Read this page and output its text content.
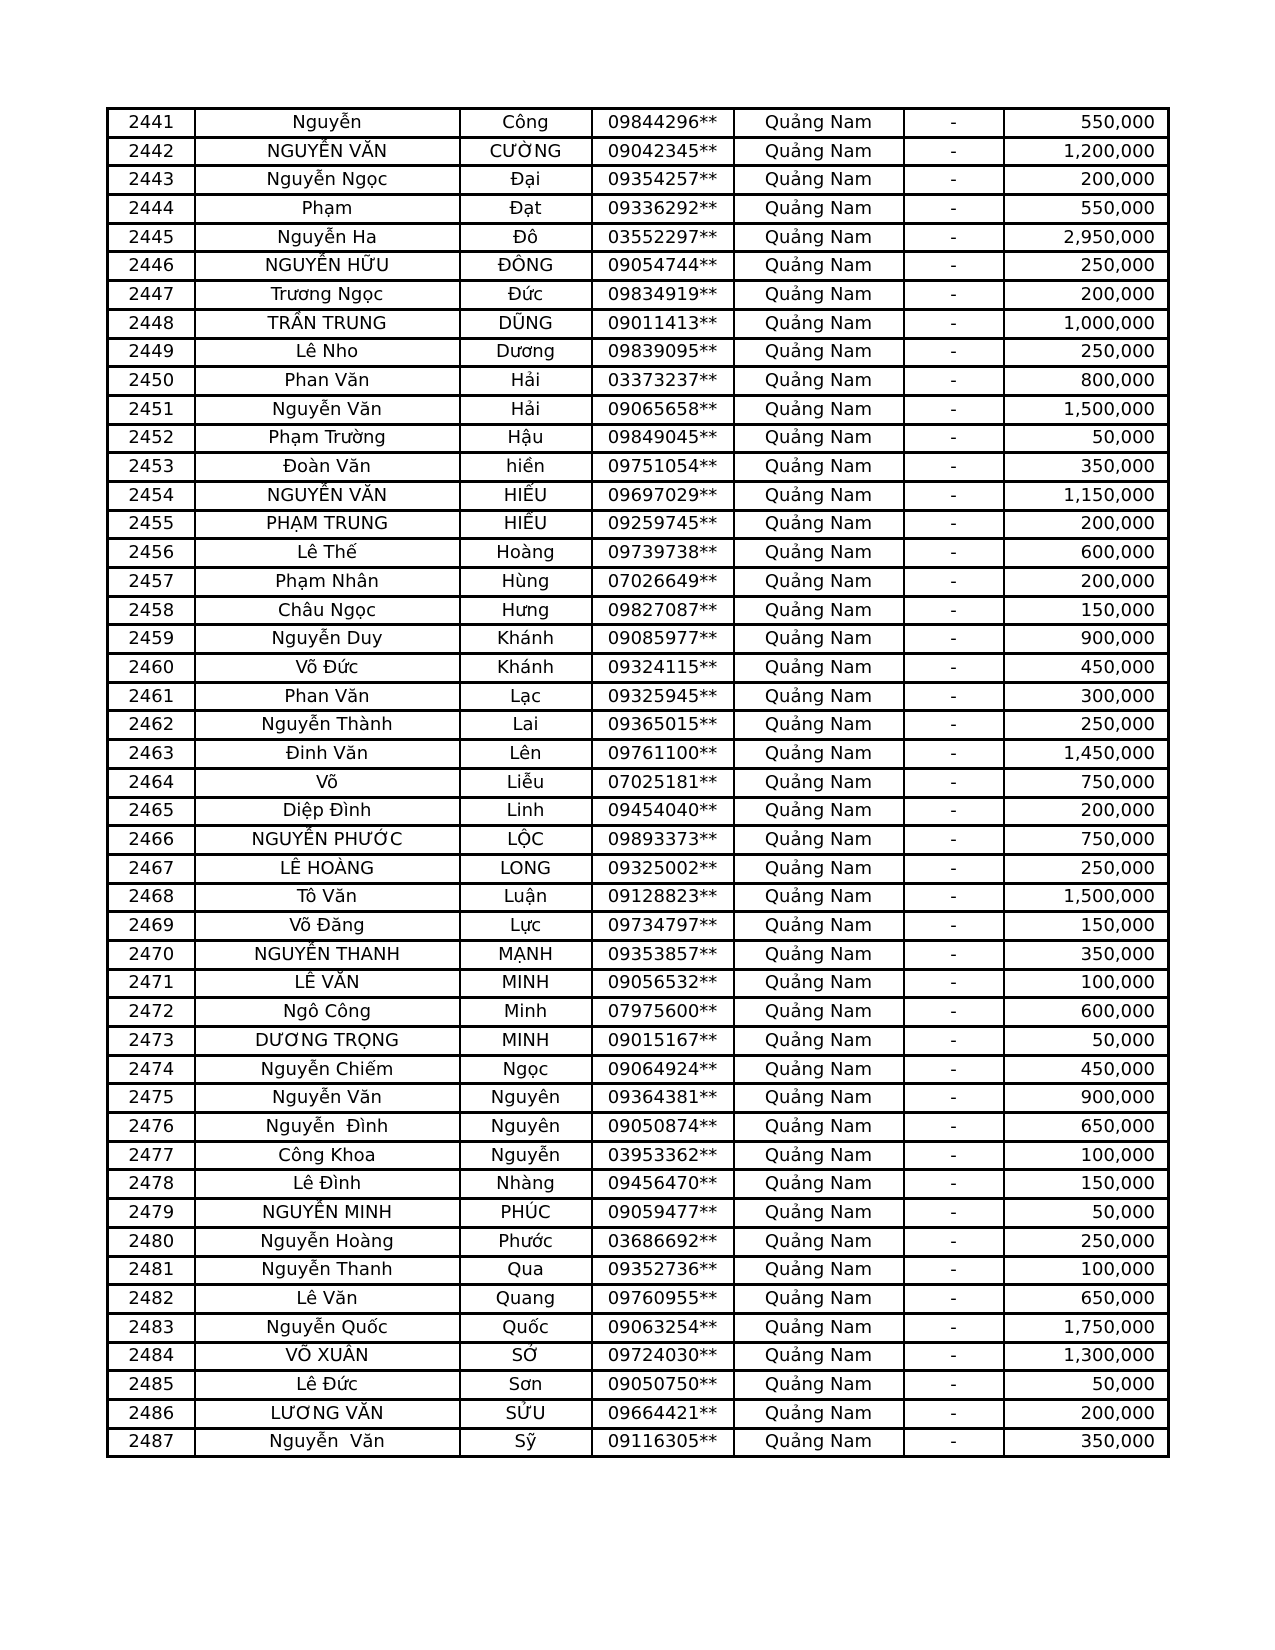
2441	Nguyễn	Công	09844296**	Quảng Nam	-	550,000
2442	NGUYỄN VĂN	CƯỜNG	09042345**	Quảng Nam	-	1,200,000
2443	Nguyễn Ngọc	Đại	09354257**	Quảng Nam	-	200,000
2444	Phạm	Đạt	09336292**	Quảng Nam	-	550,000
2445	Nguyễn Ha	Đô	03552297**	Quảng Nam	-	2,950,000
2446	NGUYỄN HỮU	ĐÔNG	09054744**	Quảng Nam	-	250,000
2447	Trương Ngọc	Đức	09834919**	Quảng Nam	-	200,000
2448	TRẦN TRUNG	DŨNG	09011413**	Quảng Nam	-	1,000,000
2449	Lê Nho	Dương	09839095**	Quảng Nam	-	250,000
2450	Phan Văn	Hải	03373237**	Quảng Nam	-	800,000
2451	Nguyễn Văn	Hải	09065658**	Quảng Nam	-	1,500,000
2452	Phạm Trường	Hậu	09849045**	Quảng Nam	-	50,000
2453	Đoàn Văn	hiền	09751054**	Quảng Nam	-	350,000
2454	NGUYỄN VĂN	HIẾU	09697029**	Quảng Nam	-	1,150,000
2455	PHẠM TRUNG	HIẾU	09259745**	Quảng Nam	-	200,000
2456	Lê Thế	Hoàng	09739738**	Quảng Nam	-	600,000
2457	Phạm Nhân	Hùng	07026649**	Quảng Nam	-	200,000
2458	Châu Ngọc	Hưng	09827087**	Quảng Nam	-	150,000
2459	Nguyễn Duy	Khánh	09085977**	Quảng Nam	-	900,000
2460	Võ Đức	Khánh	09324115**	Quảng Nam	-	450,000
2461	Phan Văn	Lạc	09325945**	Quảng Nam	-	300,000
2462	Nguyễn Thành	Lai	09365015**	Quảng Nam	-	250,000
2463	Đinh Văn	Lên	09761100**	Quảng Nam	-	1,450,000
2464	Võ	Liễu	07025181**	Quảng Nam	-	750,000
2465	Diệp Đình	Linh	09454040**	Quảng Nam	-	200,000
2466	NGUYỄN PHƯỚC	LỘC	09893373**	Quảng Nam	-	750,000
2467	LÊ HOÀNG	LONG	09325002**	Quảng Nam	-	250,000
2468	Tô Văn	Luận	09128823**	Quảng Nam	-	1,500,000
2469	Võ Đăng	Lực	09734797**	Quảng Nam	-	150,000
2470	NGUYỄN THANH	MẠNH	09353857**	Quảng Nam	-	350,000
2471	LÊ VĂN	MINH	09056532**	Quảng Nam	-	100,000
2472	Ngô Công	Minh	07975600**	Quảng Nam	-	600,000
2473	DƯƠNG TRỌNG	MINH	09015167**	Quảng Nam	-	50,000
2474	Nguyễn Chiếm	Ngọc	09064924**	Quảng Nam	-	450,000
2475	Nguyễn Văn	Nguyên	09364381**	Quảng Nam	-	900,000
2476	Nguyễn  Đình	Nguyên	09050874**	Quảng Nam	-	650,000
2477	Công Khoa	Nguyễn	03953362**	Quảng Nam	-	100,000
2478	Lê Đình	Nhàng	09456470**	Quảng Nam	-	150,000
2479	NGUYỄN MINH	PHÚC	09059477**	Quảng Nam	-	50,000
2480	Nguyễn Hoàng	Phước	03686692**	Quảng Nam	-	250,000
2481	Nguyễn Thanh	Qua	09352736**	Quảng Nam	-	100,000
2482	Lê Văn	Quang	09760955**	Quảng Nam	-	650,000
2483	Nguyễn Quốc	Quốc	09063254**	Quảng Nam	-	1,750,000
2484	VÕ XUÂN	SỞ	09724030**	Quảng Nam	-	1,300,000
2485	Lê Đức	Sơn	09050750**	Quảng Nam	-	50,000
2486	LƯƠNG VĂN	SỬU	09664421**	Quảng Nam	-	200,000
2487	Nguyễn  Văn	Sỹ	09116305**	Quảng Nam	-	350,000
